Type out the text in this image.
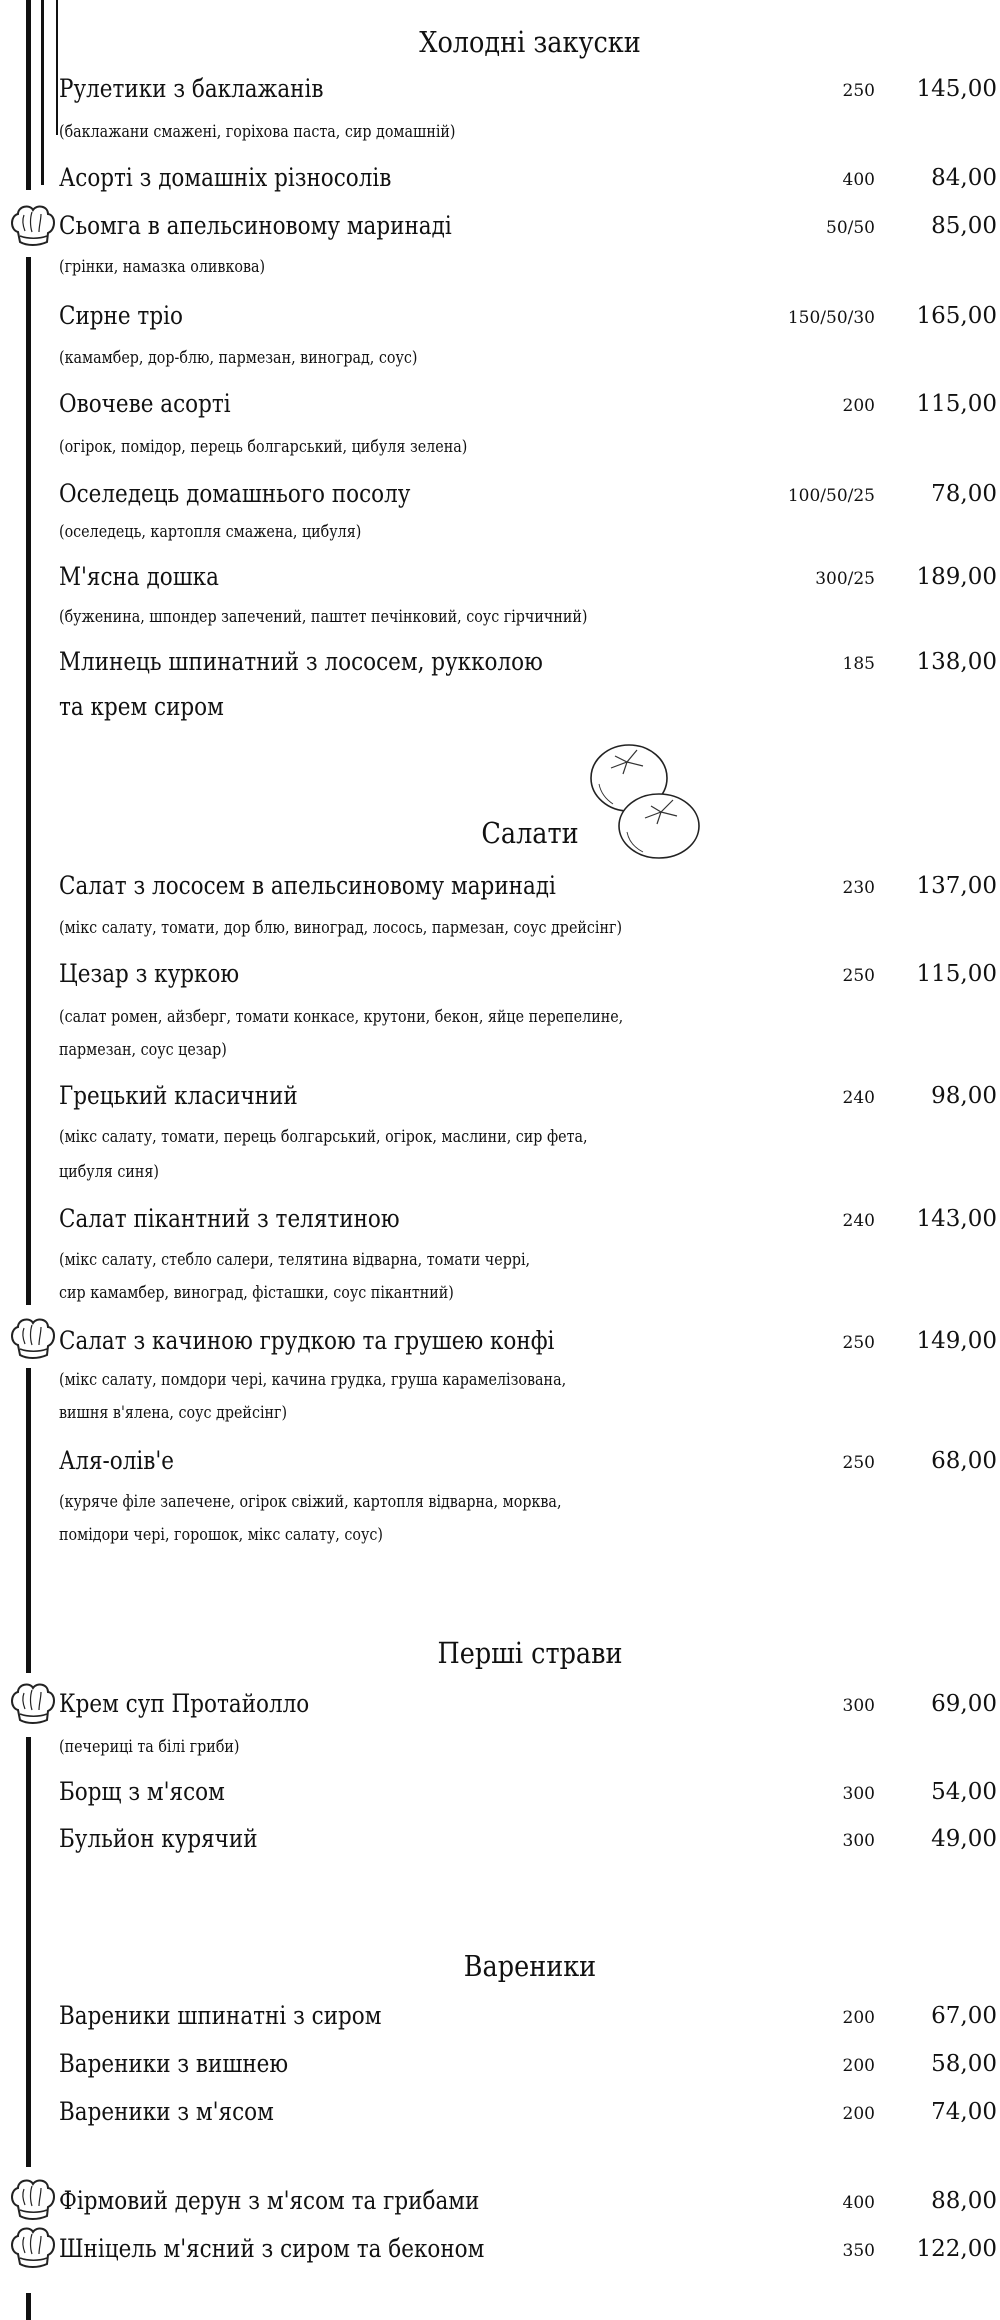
Холодні закуски
Рулетики з баклажанів	250 145,00
(баклажани смажені, горіхова паста, сир домашній)
Асорті з домашніх різносолів	400 84,00
Сьомга в апельсиновому маринаді	50/50 85,00
(грінки, намазка оливкова)
Сирне тріо	150/50/30 165,00
(камамбер, дор-блю, пармезан, виноград, соус)
Овочеве асорті	200 115,00
(огірок, помідор, перець болгарський, цибуля зелена)
Оселедець домашнього посолу	100/50/25 78,00
(оселедець, картопля смажена, цибуля)
М'ясна дошка	300/25 189,00
(буженина, шпондер запечений, паштет печінковий, соус гірчичний)
Млинець шпинатний з лососем, рукколою	185 138,00
та крем сиром
Салати
Салат з лососем в апельсиновому маринаді	230 137,00
(мікс салату, томати, дор блю, виноград, лосось, пармезан, соус дрейсінг)
Цезар з куркою	250 115,00
(салат ромен, айзберг, томати конкасе, крутони, бекон, яйце перепелине,
пармезан, соус цезар)
Грецький класичний	240 98,00
(мікс салату, томати, перець болгарський, огірок, маслини, сир фета,
цибуля синя)
Салат пікантний з телятиною	240 143,00
(мікс салату, стебло салери, телятина відварна, томати черрі,
сир камамбер, виноград, фісташки, соус пікантний)
Салат з качиною грудкою та грушею конфі	250 149,00
(мікс салату, помдори чері, качина грудка, груша карамелізована,
вишня в'ялена, соус дрейсінг)
Аля-олів'е	250 68,00
(куряче філе запечене, огірок свіжий, картопля відварна, морква,
помідори чері, горошок, мікс салату, соус)
Перші страви
Крем суп Протайолло	300 69,00
(печериці та білі гриби)
Борщ з м'ясом	300 54,00
Бульйон курячий	300 49,00
Вареники
Вареники шпинатні з сиром	200 67,00
Вареники з вишнею	200 58,00
Вареники з м'ясом	200 74,00
Фірмовий дерун з м'ясом та грибами	400 88,00
Шніцель м'ясний з сиром та беконом	350 122,00
